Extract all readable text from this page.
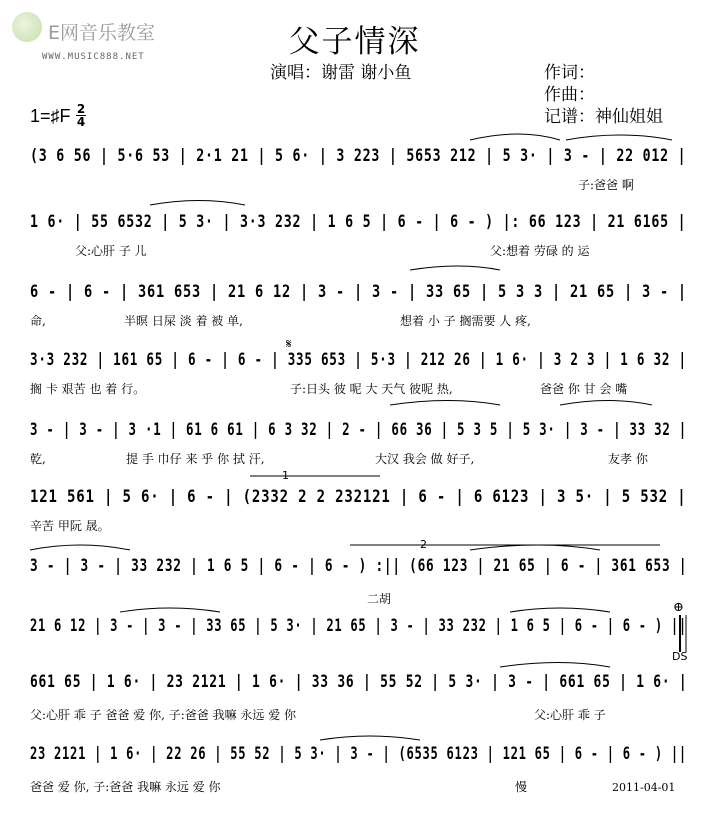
E网音乐教室
WWW.MUSIC888.NET	父子情深
演唱：谢雷 谢小鱼	作词：
作曲：
记谱：神仙姐姐
1=♯F 2
4
(3 6 56 | 5·6 53 | 2·1 21 | 5 6· | 3 223 | 5653 212 | 5 3· | 3 - | 22 012 |
子:爸爸 啊
1 6· | 55 6532 | 5 3· | 3·3 232 | 1 6 5 | 6 - | 6 - ) |: 66 123 | 21 6165 |
父:心肝 子 儿	父:想着 劳碌 的 运
6 - | 6 - | 361 653 | 21 6 12 | 3 - | 3 - | 33 65 | 5 3 3 | 21 65 | 3 - |
命,	半暝 日屎 淡 着 被 单,	想着 小 子 搁需要 人 疼,
𝄋
3·3 232 | 161 65 | 6 - | 6 - | 335 653 | 5·3 | 212 26 | 1 6· | 3 2 3 | 1 6 32 |
搁 卡 艰苦 也 着 行。	子:日头 彼 呢 大 天气 彼呢 热,	爸爸 你 甘 会 嘴
3 - | 3 - | 3 ·1 | 61 6 61 | 6 3 32 | 2 - | 66 36 | 5 3 5 | 5 3· | 3 - | 33 32 |
乾,	提 手 巾仔 来 乎 你 拭 汗,	大汉 我会 做 好子,	友孝 你
1
121 561 | 5 6· | 6 - | (2332 2 2 232121 | 6 - | 6 6123 | 3 5· | 5 532 |
辛苦 甲阮 晟。
2
3 - | 3 - | 33 232 | 1 6 5 | 6 - | 6 - ) :|| (66 123 | 21 65 | 6 - | 361 653 |
二胡
⊕
21 6 12 | 3 - | 3 - | 33 65 | 5 3· | 21 65 | 3 - | 33 232 | 1 6 5 | 6 - | 6 - ) ||
DS
661 65 | 1 6· | 23 2121 | 1 6· | 33 36 | 55 52 | 5 3· | 3 - | 661 65 | 1 6· |
父:心肝 乖 子 爸爸 爱 你, 子:爸爸 我嘛 永远 爱 你	父:心肝 乖 子
23 2121 | 1 6· | 22 26 | 55 52 | 5 3· | 3 - | (6535 6123 | 121 65 | 6 - | 6 - ) ||
爸爸 爱 你, 子:爸爸 我嘛 永远 爱 你	慢	2011-04-01
